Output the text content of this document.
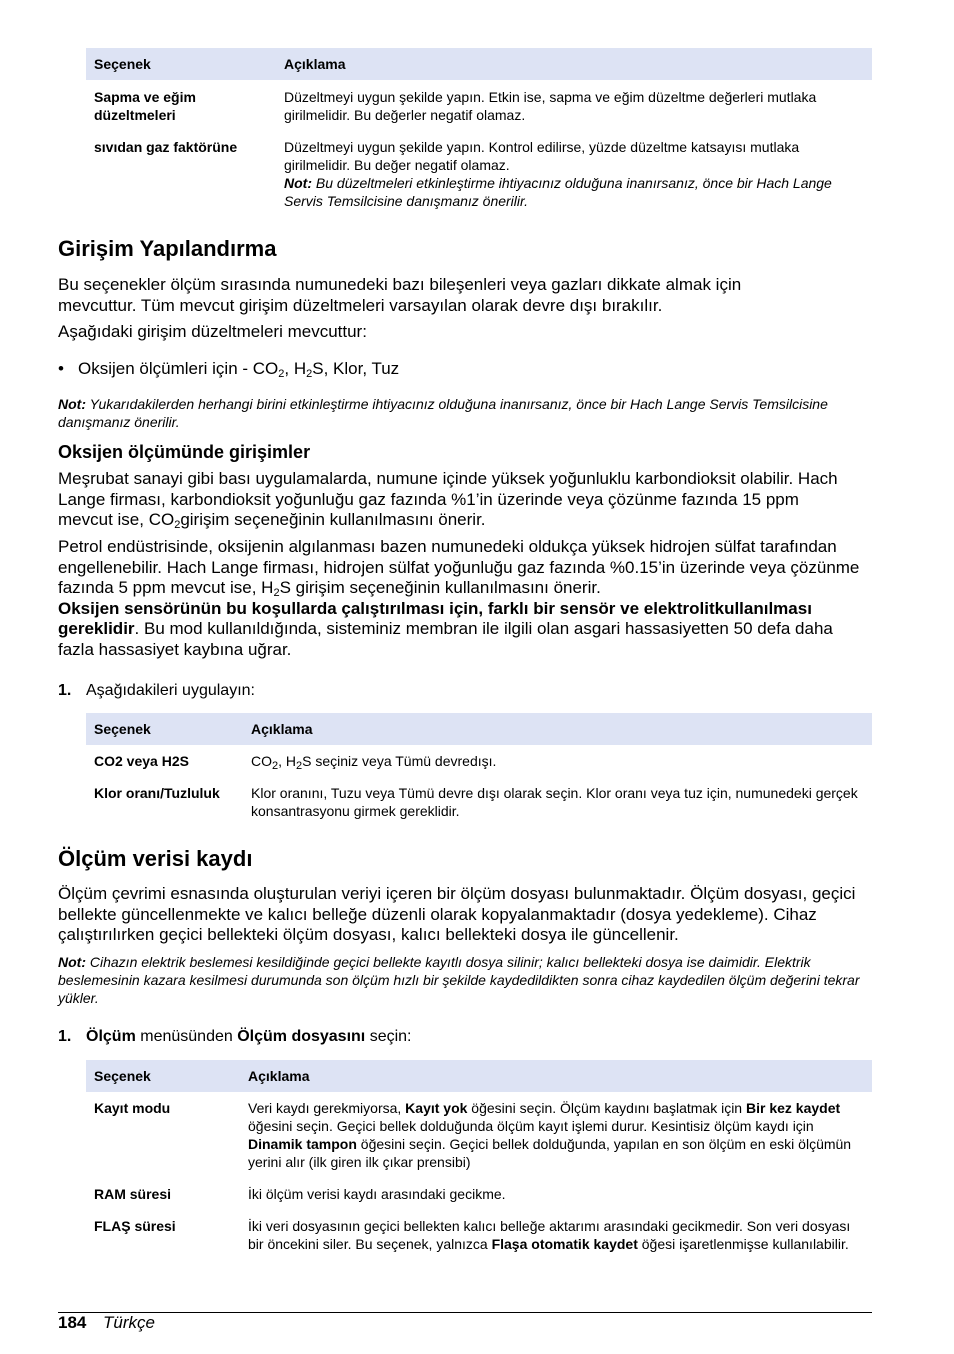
Seçenek	Açıklama
Sapma ve eğim
düzeltmeleri	Düzeltmeyi uygun şekilde yapın. Etkin ise, sapma ve eğim düzeltme değerleri mutlaka girilmelidir. Bu değerler negatif olamaz.
sıvıdan gaz faktörüne	Düzeltmeyi uygun şekilde yapın. Kontrol edilirse, yüzde düzeltme katsayısı mutlaka girilmelidir. Bu değer negatif olamaz.
Not: Bu düzeltmeleri etkinleştirme ihtiyacınız olduğuna inanırsanız, önce bir Hach Lange Servis Temsilcisine danışmanız önerilir.
Girişim Yapılandırma

Bu seçenekler ölçüm sırasında numunedeki bazı bileşenleri veya gazları dikkate almak için mevcuttur. Tüm mevcut girişim düzeltmeleri varsayılan olarak devre dışı bırakılır.

Aşağıdaki girişim düzeltmeleri mevcuttur:

• Oksijen ölçümleri için - $CO_2$, $H_2S$, Klor, Tuz

Not: Yukarıdakilerden herhangi birini etkinleştirme ihtiyacınız olduğuna inanırsanız, önce bir Hach Lange Servis Temsilcisine danışmanız önerilir.

Oksijen ölçümünde girişimler

Meşrubat sanayi gibi bası uygulamalarda, numune içinde yüksek yoğunluklu karbondioksit olabilir. Hach Lange firması, karbondioksit yoğunluğu gaz fazında %1’in üzerinde veya çözünme fazında 15 ppm mevcut ise, $CO_2girişim$ seçeneğinin kullanılmasını önerir.

Petrol endüstrisinde, oksijenin algılanması bazen numunedeki oldukça yüksek hidrojen sülfat tarafından engellenebilir. Hach Lange firması, hidrojen sülfat yoğunluğu gaz fazında %0.15’in üzerinde veya çözünme fazında 5 ppm mevcut ise, $H_2S$ girişim seçeneğinin kullanılmasını önerir.
Oksijen sensörünün bu koşullarda çalıştırılması için, farklı bir sensör ve elektrolitkullanılması gereklidir. Bu mod kullanıldığında, sisteminiz membran ile ilgili olan asgari hassasiyetten 50 defa daha fazla hassasiyet kaybına uğrar.

1. Aşağıdakileri uygulayın:

Seçenek	Açıklama
CO2 veya H2S	$CO_2$, $H_2S$ seçiniz veya Tümü devredışı.
Klor oranı/Tuzluluk	Klor oranını, Tuzu veya Tümü devre dışı olarak seçin. Klor oranı veya tuz için, numunedeki gerçek konsantrasyonu girmek gereklidir.
Ölçüm verisi kaydı

Ölçüm çevrimi esnasında oluşturulan veriyi içeren bir ölçüm dosyası bulunmaktadır. Ölçüm dosyası, geçici bellekte güncellenmekte ve kalıcı belleğe düzenli olarak kopyalanmaktadır (dosya yedekleme). Cihaz çalıştırılırken geçici bellekteki ölçüm dosyası, kalıcı bellekteki dosya ile güncellenir.

Not: Cihazın elektrik beslemesi kesildiğinde geçici bellekte kayıtlı dosya silinir; kalıcı bellekteki dosya ise daimidir. Elektrik beslemesinin kazara kesilmesi durumunda son ölçüm hızlı bir şekilde kaydedildikten sonra cihaz kaydedilen ölçüm değerini tekrar yükler.

1. Ölçüm menüsünden Ölçüm dosyasını seçin:

Seçenek	Açıklama
Kayıt modu	Veri kaydı gerekmiyorsa, Kayıt yok öğesini seçin. Ölçüm kaydını başlatmak için Bir kez kaydet öğesini seçin. Geçici bellek dolduğunda ölçüm kayıt işlemi durur. Kesintisiz ölçüm kaydı için Dinamik tampon öğesini seçin. Geçici bellek dolduğunda, yapılan en son ölçüm en eski ölçümün yerini alır (ilk giren ilk çıkar prensibi)
RAM süresi	İki ölçüm verisi kaydı arasındaki gecikme.
FLAŞ süresi	İki veri dosyasının geçici bellekten kalıcı belleğe aktarımı arasındaki gecikmedir. Son veri dosyası bir öncekini siler. Bu seçenek, yalnızca Flaşa otomatik kaydet öğesi işaretlenmişse kullanılabilir.
184 Türkçe
